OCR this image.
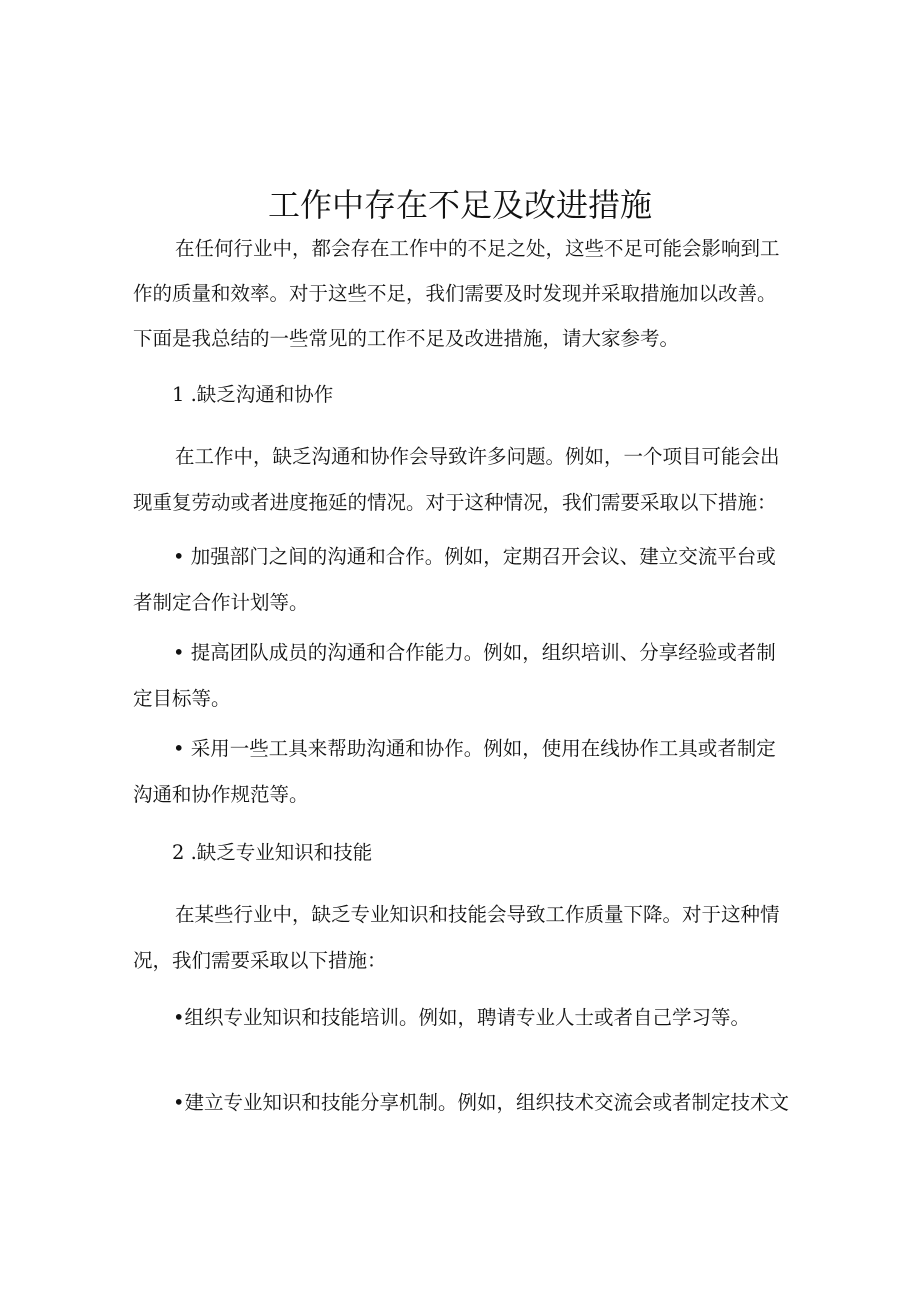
工作中存在不足及改进措施

在任何行业中，都会存在工作中的不足之处，这些不足可能会影响到工作的质量和效率。对于这些不足，我们需要及时发现并采取措施加以改善。下面是我总结的一些常见的工作不足及改进措施，请大家参考。

1 .缺乏沟通和协作

在工作中，缺乏沟通和协作会导致许多问题。例如，一个项目可能会出现重复劳动或者进度拖延的情况。对于这种情况，我们需要采取以下措施：

• 加强部门之间的沟通和合作。例如，定期召开会议、建立交流平台或者制定合作计划等。

• 提高团队成员的沟通和合作能力。例如，组织培训、分享经验或者制定目标等。

• 采用一些工具来帮助沟通和协作。例如，使用在线协作工具或者制定沟通和协作规范等。

2 .缺乏专业知识和技能

在某些行业中，缺乏专业知识和技能会导致工作质量下降。对于这种情况，我们需要采取以下措施：

•组织专业知识和技能培训。例如，聘请专业人士或者自己学习等。

•建立专业知识和技能分享机制。例如，组织技术交流会或者制定技术文
